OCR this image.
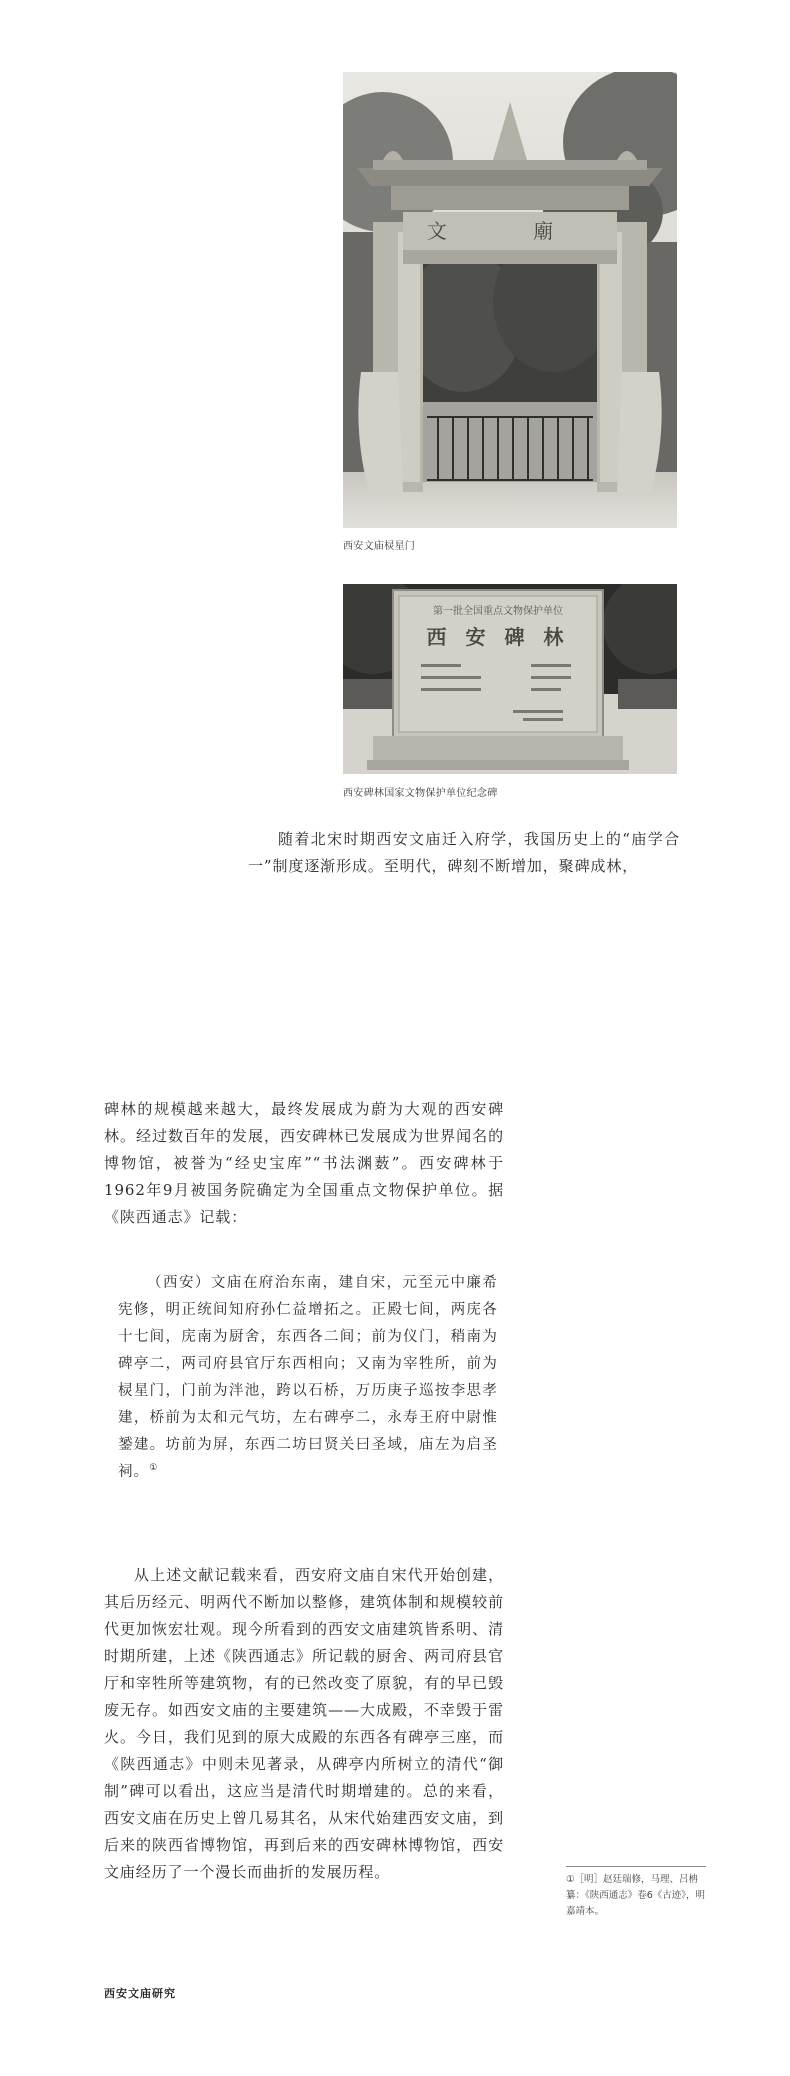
文 廟
西安文庙棂星门
第一批全国重点文物保护单位
西 安 碑 林
西安碑林国家文物保护单位纪念碑

随着北宋时期西安文庙迁入府学，我国历史上的“庙学合一”制度逐渐形成。至明代，碑刻不断增加，聚碑成林，

碑林的规模越来越大，最终发展成为蔚为大观的西安碑林。经过数百年的发展，西安碑林已发展成为世界闻名的博物馆，被誉为“经史宝库”“书法渊薮”。西安碑林于1962年9月被国务院确定为全国重点文物保护单位。据《陕西通志》记载：

（西安）文庙在府治东南，建自宋，元至元中廉希宪修，明正统间知府孙仁益增拓之。正殿七间，两庑各十七间，庑南为厨舍，东西各二间；前为仪门，稍南为碑亭二，两司府县官厅东西相向；又南为宰牲所，前为棂星门，门前为泮池，跨以石桥，万历庚子巡按李思孝建，桥前为太和元气坊，左右碑亭二，永寿王府中尉惟𨭉建。坊前为屏，东西二坊曰贤关曰圣域，庙左为启圣祠。①

从上述文献记载来看，西安府文庙自宋代开始创建，其后历经元、明两代不断加以整修，建筑体制和规模较前代更加恢宏壮观。现今所看到的西安文庙建筑皆系明、清时期所建，上述《陕西通志》所记载的厨舍、两司府县官厅和宰牲所等建筑物，有的已然改变了原貌，有的早已毁废无存。如西安文庙的主要建筑——大成殿，不幸毁于雷火。今日，我们见到的原大成殿的东西各有碑亭三座，而《陕西通志》中则未见著录，从碑亭内所树立的清代“御制”碑可以看出，这应当是清代时期增建的。总的来看，西安文庙在历史上曾几易其名，从宋代始建西安文庙，到后来的陕西省博物馆，再到后来的西安碑林博物馆，西安文庙经历了一个漫长而曲折的发展历程。	①［明］赵廷瑞修，马理、吕柟纂：《陕西通志》卷6《古迹》，明嘉靖本。

西安文庙研究
